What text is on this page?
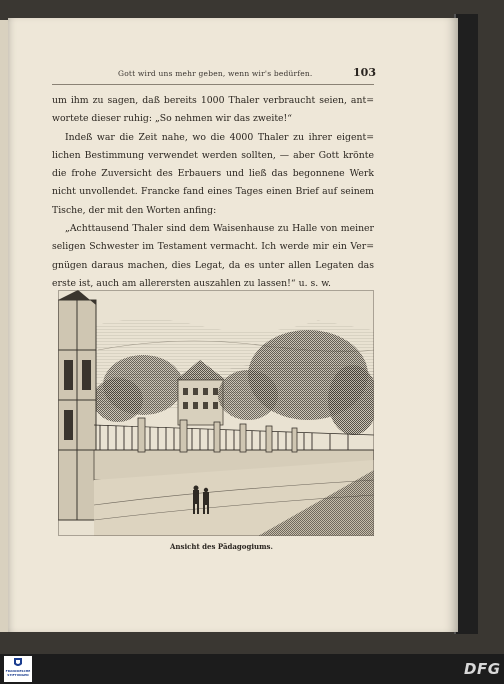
Gott wird uns mehr geben, wenn wir's bedürfen.	103
um ihm zu sagen, daß bereits 1000 Thaler verbraucht seien, ant=
wortete dieser ruhig: „So nehmen wir das zweite!“
Indeß war die Zeit nahe, wo die 4000 Thaler zu ihrer eigent=
lichen Bestimmung verwendet werden sollten, — aber Gott krönte
die frohe Zuversicht des Erbauers und ließ das begonnene Werk
nicht unvollendet. Francke fand eines Tages einen Brief auf seinem
Tische, der mit den Worten anfing:
„Achttausend Thaler sind dem Waisenhause zu Halle von meiner
seligen Schwester im Testament vermacht. Ich werde mir ein Ver=
gnügen daraus machen, dies Legat, da es unter allen Legaten das
erste ist, auch am allerersten auszahlen zu lassen!“ u. s. w.
Ansicht des Pädagogiums.
FRANCKESCHE STIFTUNGEN	DFG
